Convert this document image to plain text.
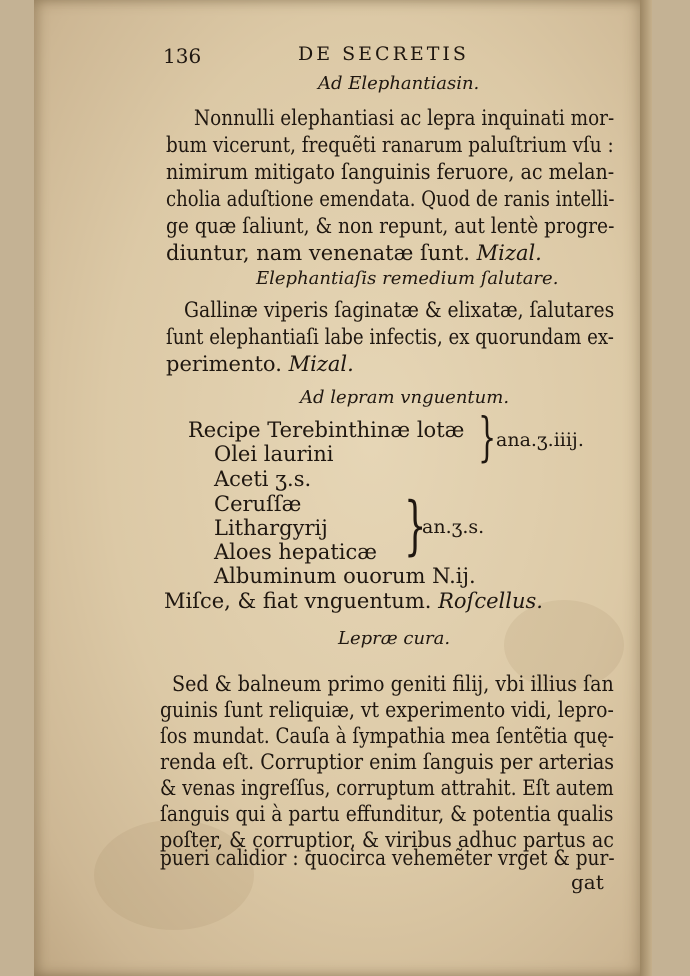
136	DE SECRETIS
Ad Elephantiasin.
Nonnulli elephantiasi ac lepra inquinati mor-
bum vicerunt, frequẽti ranarum paluſtrium vſu :
nimirum mitigato ſanguinis feruore, ac melan-
cholia aduſtione emendata. Quod de ranis intelli-
ge quæ ſaliunt, & non repunt, aut lentè progre-
diuntur, nam venenatæ ſunt. Mizal.
Elephantiaſis remedium ſalutare.
Gallinæ viperis ſaginatæ & elixatæ, ſalutares
ſunt elephantiaſi labe infectis, ex quorundam ex-
perimento. Mizal.
Ad lepram vnguentum.
Recipe Terebinthinæ lotæ
Olei laurini	} ana.ʒ.iiij.
Aceti ʒ.s.
Ceruſſæ
Lithargyrij
Aloes hepaticæ }
an.ʒ.s.
Albuminum ouorum N.ij.
Miſce, & fiat vnguentum. Roſcellus.
Lepræ cura.
Sed & balneum primo geniti filij, vbi illius ſan
guinis ſunt reliquiæ, vt experimento vidi, lepro-
ſos mundat. Cauſa à ſympathia mea ſentẽtia quę-
renda eſt. Corruptior enim ſanguis per arterias
& venas ingreſſus, corruptum attrahit. Eſt autem
ſanguis qui à partu effunditur, & potentia qualis
poſter, & corruptior, & viribus adhuc partus ac
pueri calidior : quocirca vehemẽter vrget & pur-
gat
